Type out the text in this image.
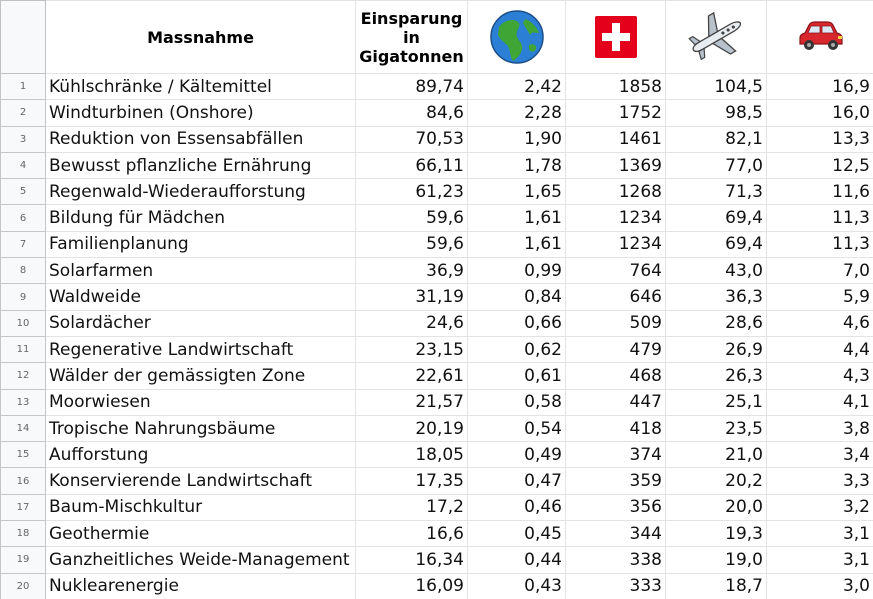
	Massnahme	Einsparung in Gigatonnen	

1	Kühlschränke / Kältemittel	89,74	2,42	1858	104,5	16,9
2	Windturbinen (Onshore)	84,6	2,28	1752	98,5	16,0
3	Reduktion von Essensabfällen	70,53	1,90	1461	82,1	13,3
4	Bewusst pflanzliche Ernährung	66,11	1,78	1369	77,0	12,5
5	Regenwald-Wiederaufforstung	61,23	1,65	1268	71,3	11,6
6	Bildung für Mädchen	59,6	1,61	1234	69,4	11,3
7	Familienplanung	59,6	1,61	1234	69,4	11,3
8	Solarfarmen	36,9	0,99	764	43,0	7,0
9	Waldweide	31,19	0,84	646	36,3	5,9
10	Solardächer	24,6	0,66	509	28,6	4,6
11	Regenerative Landwirtschaft	23,15	0,62	479	26,9	4,4
12	Wälder der gemässigten Zone	22,61	0,61	468	26,3	4,3
13	Moorwiesen	21,57	0,58	447	25,1	4,1
14	Tropische Nahrungsbäume	20,19	0,54	418	23,5	3,8
15	Aufforstung	18,05	0,49	374	21,0	3,4
16	Konservierende Landwirtschaft	17,35	0,47	359	20,2	3,3
17	Baum-Mischkultur	17,2	0,46	356	20,0	3,2
18	Geothermie	16,6	0,45	344	19,3	3,1
19	Ganzheitliches Weide-Management	16,34	0,44	338	19,0	3,1
20	Nuklearenergie	16,09	0,43	333	18,7	3,0
